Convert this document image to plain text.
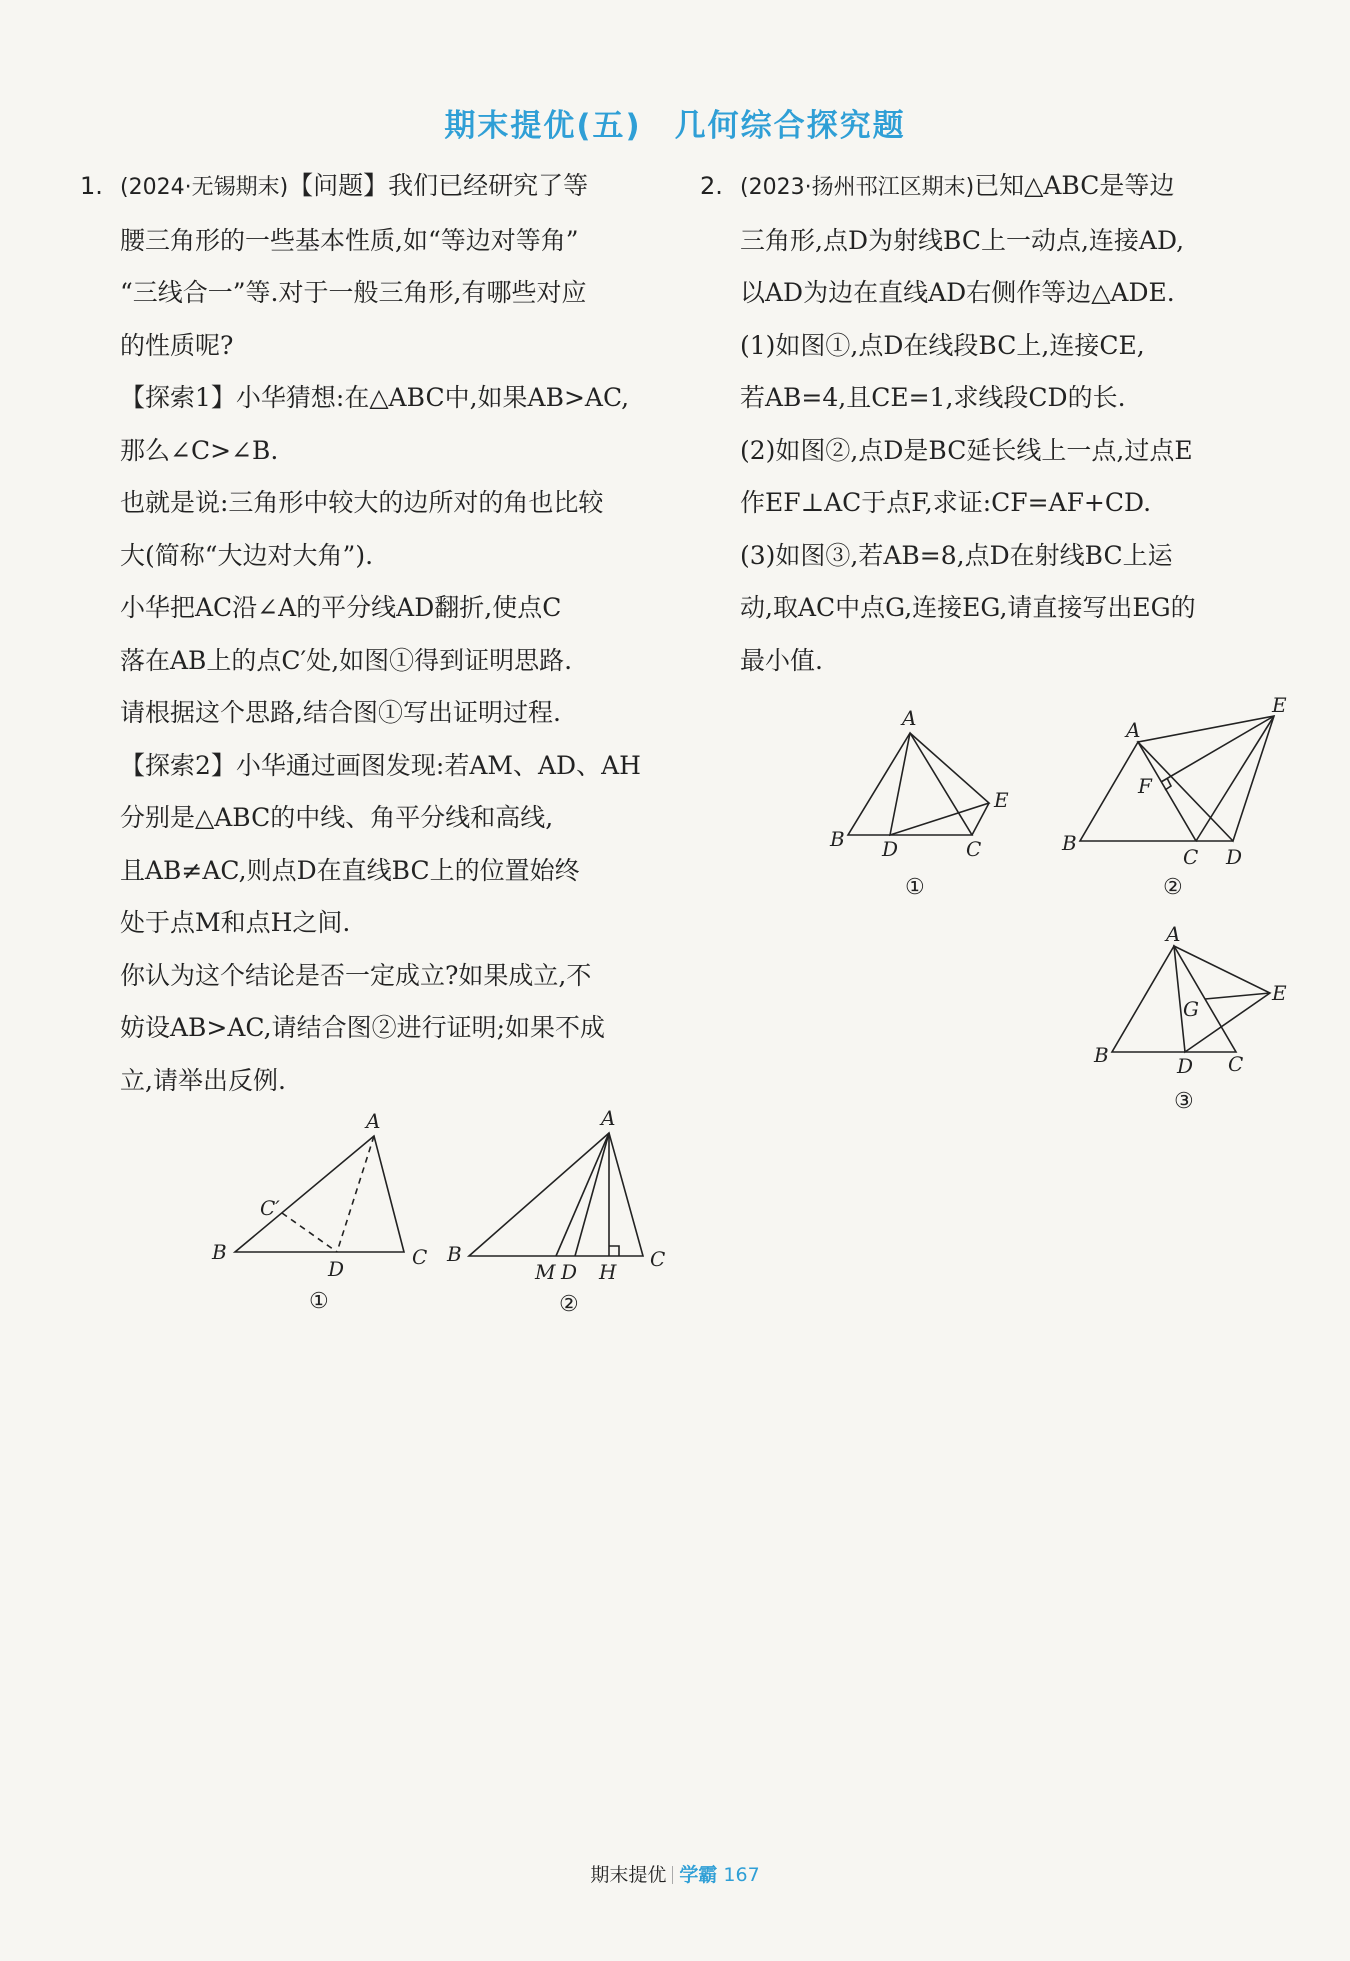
期末提优(五)　几何综合探究题

1. (2024·无锡期末)【问题】我们已经研究了等

腰三角形的一些基本性质,如“等边对等角”

“三线合一”等.对于一般三角形,有哪些对应

的性质呢?

【探索1】小华猜想:在△ABC中,如果AB>AC,

那么∠C>∠B.

也就是说:三角形中较大的边所对的角也比较

大(简称“大边对大角”).

小华把AC沿∠A的平分线AD翻折,使点C

落在AB上的点C′处,如图①得到证明思路.

请根据这个思路,结合图①写出证明过程.

【探索2】小华通过画图发现:若AM、AD、AH

分别是△ABC的中线、角平分线和高线,

且AB≠AC,则点D在直线BC上的位置始终

处于点M和点H之间.

你认为这个结论是否一定成立?如果成立,不

妨设AB>AC,请结合图②进行证明;如果不成

立,请举出反例.

2. (2023·扬州邗江区期末)已知△ABC是等边

三角形,点D为射线BC上一动点,连接AD,

以AD为边在直线AD右侧作等边△ADE.

(1)如图①,点D在线段BC上,连接CE,

若AB=4,且CE=1,求线段CD的长.

(2)如图②,点D是BC延长线上一点,过点E

作EF⊥AC于点F,求证:CF=AF+CD.

(3)如图③,若AB=8,点D在射线BC上运

动,取AC中点G,连接EG,请直接写出EG的

最小值.

A
B	C
D
C′
①
A
B	C
M D H
②
A
B	C
D
E
①
A
B
C D
E
F
②
A
B	C
D
E
G
③
期末提优 学霸 167
